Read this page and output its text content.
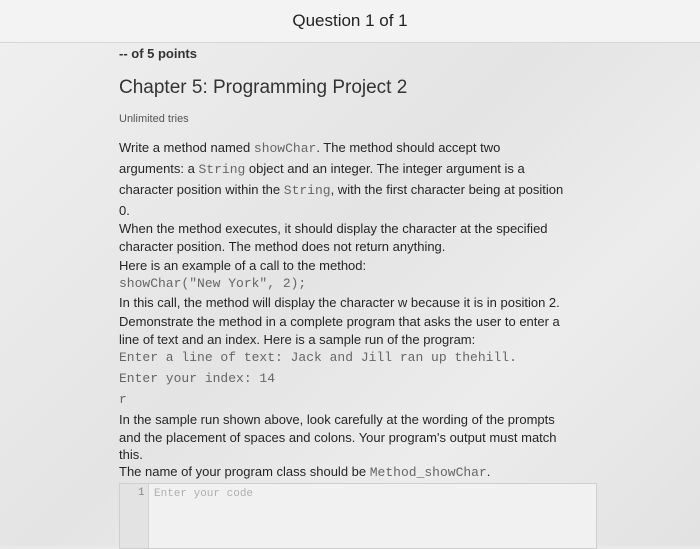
Question 1 of 1
-- of 5 points
Chapter 5: Programming Project 2
Unlimited tries
Write a method named showChar. The method should accept two
arguments: a String object and an integer. The integer argument is a
character position within the String, with the first character being at position
0.
When the method executes, it should display the character at the specified
character position. The method does not return anything.
Here is an example of a call to the method:
showChar("New York", 2);
In this call, the method will display the character w because it is in position 2.
Demonstrate the method in a complete program that asks the user to enter a
line of text and an index. Here is a sample run of the program:
Enter a line of text: Jack and Jill ran up thehill.
Enter your index: 14
r
In the sample run shown above, look carefully at the wording of the prompts
and the placement of spaces and colons. Your program's output must match
this.
The name of your program class should be Method_showChar.
1
Enter your code
